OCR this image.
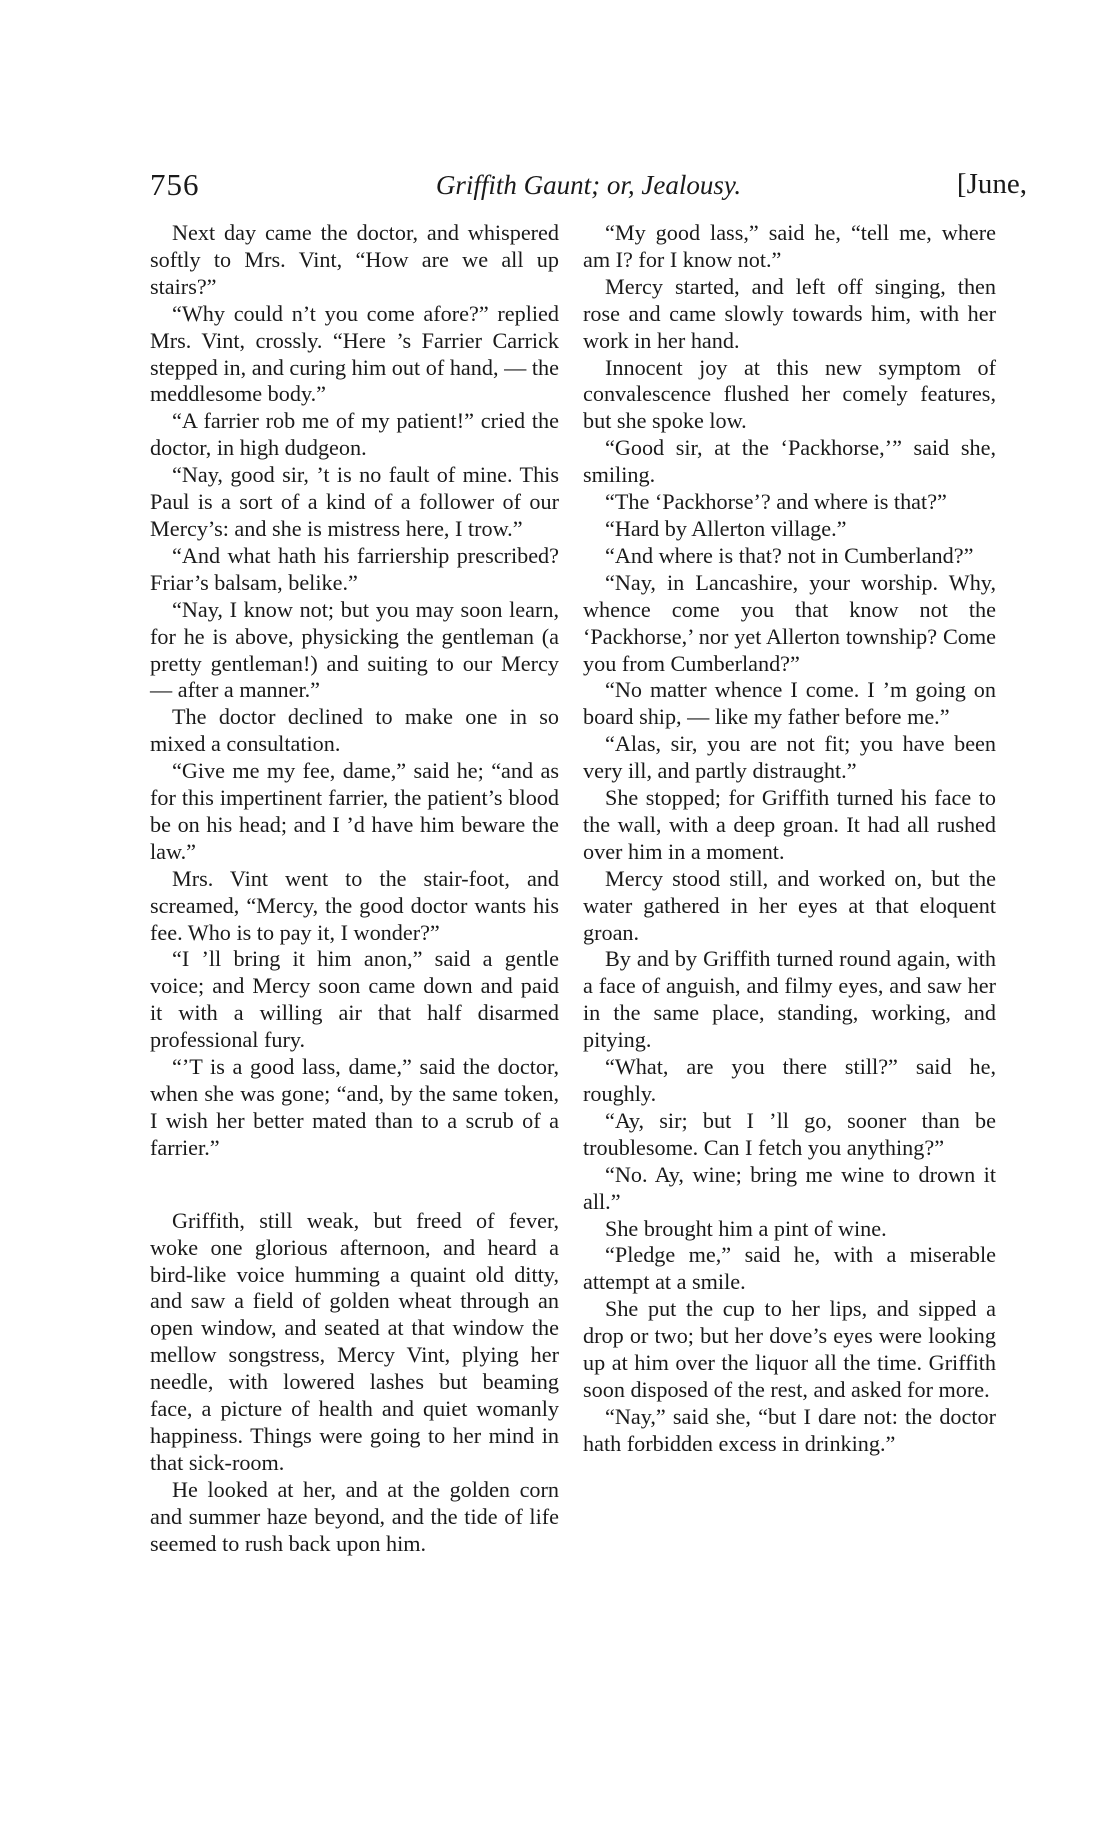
756	Griffith Gaunt; or, Jealousy.	[June,

Next day came the doctor, and whispered softly to Mrs. Vint, “How are we all up stairs?”

“Why could n’t you come afore?” replied Mrs. Vint, crossly. “Here ’s Farrier Carrick stepped in, and curing him out of hand, — the meddlesome body.”

“A farrier rob me of my patient!” cried the doctor, in high dudgeon.

“Nay, good sir, ’t is no fault of mine. This Paul is a sort of a kind of a follower of our Mercy’s: and she is mistress here, I trow.”

“And what hath his farriership prescribed? Friar’s balsam, belike.”

“Nay, I know not; but you may soon learn, for he is above, physicking the gentleman (a pretty gentleman!) and suiting to our Mercy — after a manner.”

The doctor declined to make one in so mixed a consultation.

“Give me my fee, dame,” said he; “and as for this impertinent farrier, the patient’s blood be on his head; and I ’d have him beware the law.”

Mrs. Vint went to the stair-foot, and screamed, “Mercy, the good doctor wants his fee. Who is to pay it, I wonder?”

“I ’ll bring it him anon,” said a gentle voice; and Mercy soon came down and paid it with a willing air that half disarmed professional fury.

“’T is a good lass, dame,” said the doctor, when she was gone; “and, by the same token, I wish her better mated than to a scrub of a farrier.”

Griffith, still weak, but freed of fever, woke one glorious afternoon, and heard a bird-like voice humming a quaint old ditty, and saw a field of golden wheat through an open window, and seated at that window the mellow songstress, Mercy Vint, plying her needle, with lowered lashes but beaming face, a picture of health and quiet womanly happiness. Things were going to her mind in that sick-room.

He looked at her, and at the golden corn and summer haze beyond, and the tide of life seemed to rush back upon him.

“My good lass,” said he, “tell me, where am I? for I know not.”

Mercy started, and left off singing, then rose and came slowly towards him, with her work in her hand.

Innocent joy at this new symptom of convalescence flushed her comely features, but she spoke low.

“Good sir, at the ‘Packhorse,’” said she, smiling.

“The ‘Packhorse’? and where is that?”

“Hard by Allerton village.”

“And where is that? not in Cumberland?”

“Nay, in Lancashire, your worship. Why, whence come you that know not the ‘Packhorse,’ nor yet Allerton township? Come you from Cumberland?”

“No matter whence I come. I ’m going on board ship, — like my father before me.”

“Alas, sir, you are not fit; you have been very ill, and partly distraught.”

She stopped; for Griffith turned his face to the wall, with a deep groan. It had all rushed over him in a moment.

Mercy stood still, and worked on, but the water gathered in her eyes at that eloquent groan.

By and by Griffith turned round again, with a face of anguish, and filmy eyes, and saw her in the same place, standing, working, and pitying.

“What, are you there still?” said he, roughly.

“Ay, sir; but I ’ll go, sooner than be troublesome. Can I fetch you anything?”

“No. Ay, wine; bring me wine to drown it all.”

She brought him a pint of wine.

“Pledge me,” said he, with a miserable attempt at a smile.

She put the cup to her lips, and sipped a drop or two; but her dove’s eyes were looking up at him over the liquor all the time. Griffith soon disposed of the rest, and asked for more.

“Nay,” said she, “but I dare not: the doctor hath forbidden excess in drinking.”
